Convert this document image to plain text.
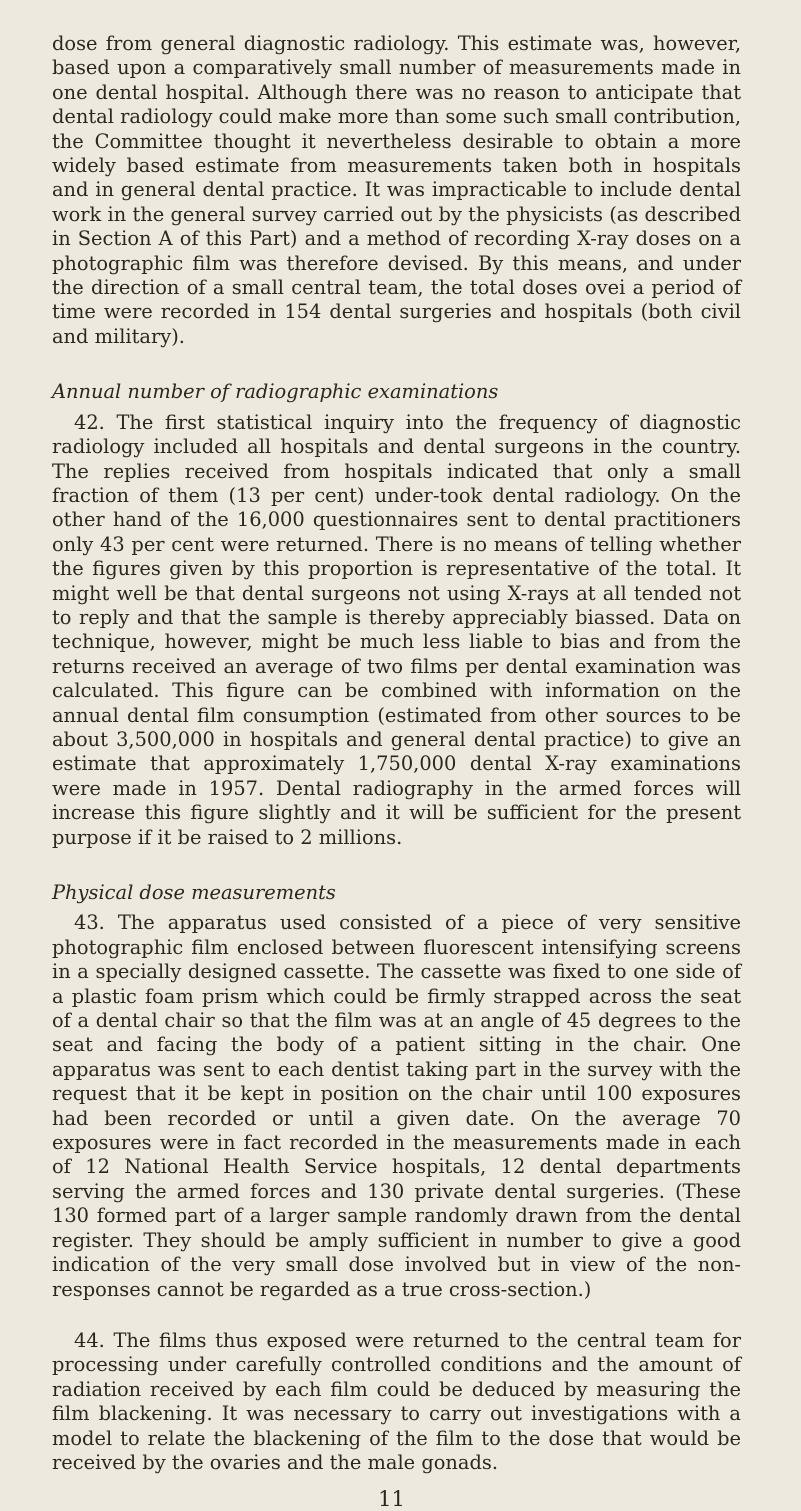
dose from general diagnostic radiology. This estimate was, however, based upon a comparatively small number of measurements made in one dental hospital. Although there was no reason to anticipate that dental radiology could make more than some such small contribution, the Committee thought it nevertheless desirable to obtain a more widely based estimate from measurements taken both in hospitals and in general dental practice. It was impracticable to include dental work in the general survey carried out by the physicists (as described in Section A of this Part) and a method of recording X-ray doses on a photographic film was therefore devised. By this means, and under the direction of a small central team, the total doses ovei a period of time were recorded in 154 dental surgeries and hospitals (both civil and military).

Annual number of radiographic examinations

42. The first statistical inquiry into the frequency of diagnostic radiology included all hospitals and dental surgeons in the country. The replies received from hospitals indicated that only a small fraction of them (13 per cent) under-took dental radiology. On the other hand of the 16,000 questionnaires sent to dental practitioners only 43 per cent were returned. There is no means of telling whether the figures given by this proportion is representative of the total. It might well be that dental surgeons not using X-rays at all tended not to reply and that the sample is thereby appreciably biassed. Data on technique, however, might be much less liable to bias and from the returns received an average of two films per dental examination was calculated. This figure can be combined with information on the annual dental film consumption (estimated from other sources to be about 3,500,000 in hospitals and general dental practice) to give an estimate that approximately 1,750,000 dental X-ray examinations were made in 1957. Dental radiography in the armed forces will increase this figure slightly and it will be sufficient for the present purpose if it be raised to 2 millions.

Physical dose measurements

43. The apparatus used consisted of a piece of very sensitive photographic film enclosed between fluorescent intensifying screens in a specially designed cassette. The cassette was fixed to one side of a plastic foam prism which could be firmly strapped across the seat of a dental chair so that the film was at an angle of 45 degrees to the seat and facing the body of a patient sitting in the chair. One apparatus was sent to each dentist taking part in the survey with the request that it be kept in position on the chair until 100 exposures had been recorded or until a given date. On the average 70 exposures were in fact recorded in the measurements made in each of 12 National Health Service hospitals, 12 dental departments serving the armed forces and 130 private dental surgeries. (These 130 formed part of a larger sample randomly drawn from the dental register. They should be amply sufficient in number to give a good indication of the very small dose involved but in view of the non-responses cannot be regarded as a true cross-section.)

44. The films thus exposed were returned to the central team for processing under carefully controlled conditions and the amount of radiation received by each film could be deduced by measuring the film blackening. It was necessary to carry out investigations with a model to relate the blackening of the film to the dose that would be received by the ovaries and the male gonads.

11
